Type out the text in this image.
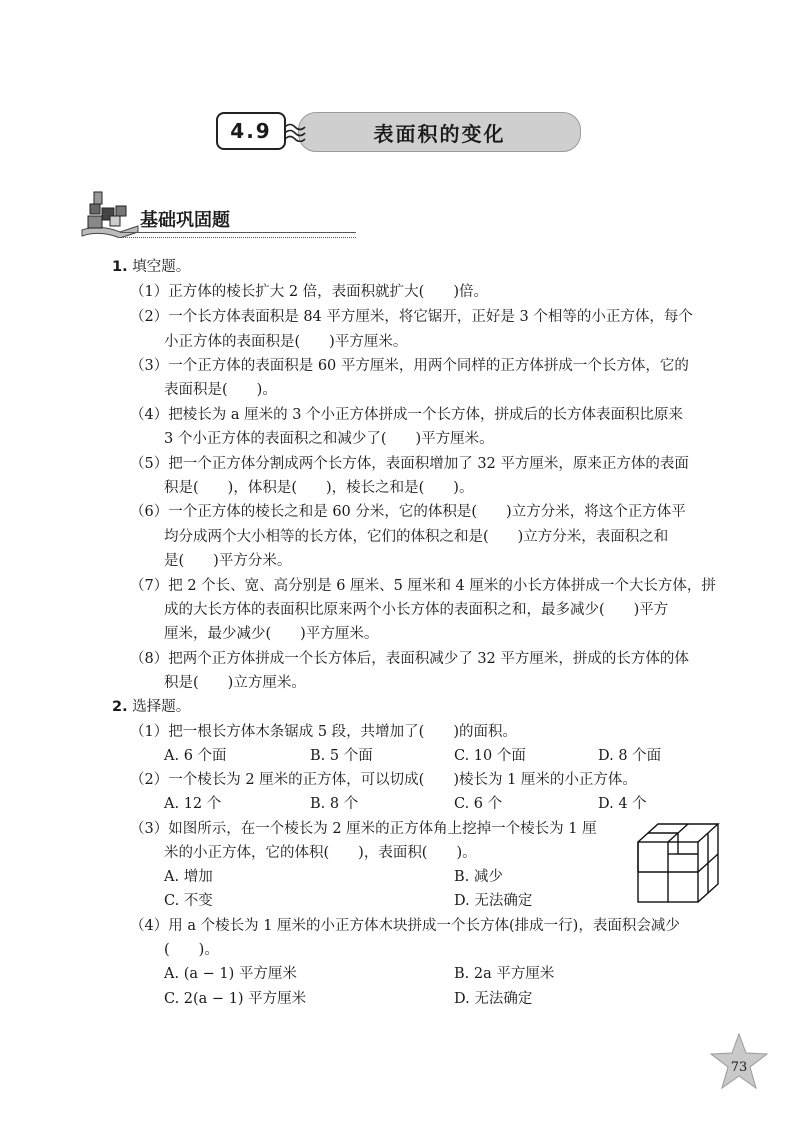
4.9	表面积的变化
基础巩固题
1. 填空题。
（1）正方体的棱长扩大 2 倍，表面积就扩大(　　)倍。
（2）一个长方体表面积是 84 平方厘米，将它锯开，正好是 3 个相等的小正方体，每个
小正方体的表面积是(　　)平方厘米。
（3）一个正方体的表面积是 60 平方厘米，用两个同样的正方体拼成一个长方体，它的
表面积是(　　)。
（4）把棱长为 a 厘米的 3 个小正方体拼成一个长方体，拼成后的长方体表面积比原来
3 个小正方体的表面积之和减少了(　　)平方厘米。
（5）把一个正方体分割成两个长方体，表面积增加了 32 平方厘米，原来正方体的表面
积是(　　)，体积是(　　)，棱长之和是(　　)。
（6）一个正方体的棱长之和是 60 分米，它的体积是(　　)立方分米，将这个正方体平
均分成两个大小相等的长方体，它们的体积之和是(　　)立方分米，表面积之和
是(　　)平方分米。
（7）把 2 个长、宽、高分别是 6 厘米、5 厘米和 4 厘米的小长方体拼成一个大长方体，拼
成的大长方体的表面积比原来两个小长方体的表面积之和，最多减少(　　)平方
厘米，最少减少(　　)平方厘米。
（8）把两个正方体拼成一个长方体后，表面积减少了 32 平方厘米，拼成的长方体的体
积是(　　)立方厘米。
2. 选择题。
（1）把一根长方体木条锯成 5 段，共增加了(　　)的面积。
A. 6 个面	B. 5 个面	C. 10 个面	D. 8 个面
（2）一个棱长为 2 厘米的正方体，可以切成(　　)棱长为 1 厘米的小正方体。
A. 12 个	B. 8 个	C. 6 个	D. 4 个
（3）如图所示，在一个棱长为 2 厘米的正方体角上挖掉一个棱长为 1 厘
米的小正方体，它的体积(　　)，表面积(　　)。
A. 增加	B. 减少
C. 不变	D. 无法确定
（4）用 a 个棱长为 1 厘米的小正方体木块拼成一个长方体(排成一行)，表面积会减少
(　　)。
A. (a − 1) 平方厘米	B. 2a 平方厘米
C. 2(a − 1) 平方厘米	D. 无法确定
73
